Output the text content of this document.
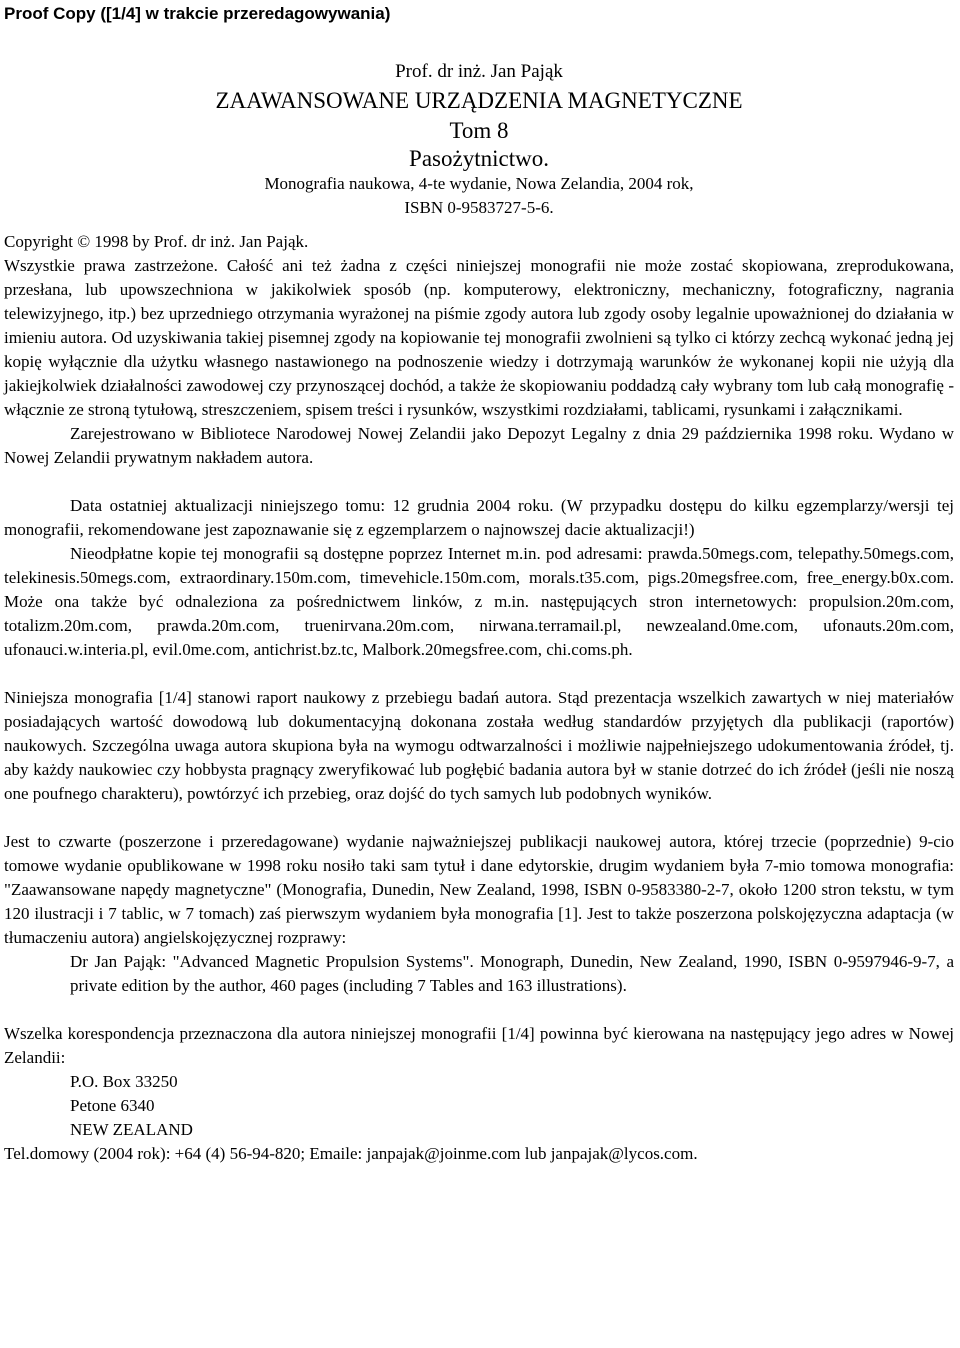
Proof Copy ([1/4] w trakcie przeredagowywania)
Prof. dr inż. Jan Pająk
ZAAWANSOWANE URZĄDZENIA MAGNETYCZNE
Tom 8
Pasożytnictwo.
Monografia naukowa, 4-te wydanie, Nowa Zelandia, 2004 rok,
ISBN 0-9583727-5-6.
Copyright © 1998 by Prof. dr inż. Jan Pająk.

Wszystkie prawa zastrzeżone. Całość ani też żadna z części niniejszej monografii nie może zostać skopiowana, zreprodukowana, przesłana, lub upowszechniona w jakikolwiek sposób (np. komputerowy, elektroniczny, mechaniczny, fotograficzny, nagrania telewizyjnego, itp.) bez uprzedniego otrzymania wyrażonej na piśmie zgody autora lub zgody osoby legalnie upoważnionej do działania w imieniu autora. Od uzyskiwania takiej pisemnej zgody na kopiowanie tej monografii zwolnieni są tylko ci którzy zechcą wykonać jedną jej kopię wyłącznie dla użytku własnego nastawionego na podnoszenie wiedzy i dotrzymają warunków że wykonanej kopii nie użyją dla jakiejkolwiek działalności zawodowej czy przynoszącej dochód, a także że skopiowaniu poddadzą cały wybrany tom lub całą monografię - włącznie ze stroną tytułową, streszczeniem, spisem treści i rysunków, wszystkimi rozdziałami, tablicami, rysunkami i załącznikami.

Zarejestrowano w Bibliotece Narodowej Nowej Zelandii jako Depozyt Legalny z dnia 29 października 1998 roku. Wydano w Nowej Zelandii prywatnym nakładem autora.

Data ostatniej aktualizacji niniejszego tomu: 12 grudnia 2004 roku. (W przypadku dostępu do kilku egzemplarzy/wersji tej monografii, rekomendowane jest zapoznawanie się z egzemplarzem o najnowszej dacie aktualizacji!)

Nieodpłatne kopie tej monografii są dostępne poprzez Internet m.in. pod adresami: prawda.50megs.com, telepathy.50megs.com, telekinesis.50megs.com, extraordinary.150m.com, timevehicle.150m.com, morals.t35.com, pigs.20megsfree.com, free_energy.b0x.com. Może ona także być odnaleziona za pośrednictwem linków, z m.in. następujących stron internetowych: propulsion.20m.com, totalizm.20m.com, prawda.20m.com, truenirvana.20m.com, nirwana.terramail.pl, newzealand.0me.com, ufonauts.20m.com, ufonauci.w.interia.pl, evil.0me.com, antichrist.bz.tc, Malbork.20megsfree.com, chi.coms.ph.

Niniejsza monografia [1/4] stanowi raport naukowy z przebiegu badań autora. Stąd prezentacja wszelkich zawartych w niej materiałów posiadających wartość dowodową lub dokumentacyjną dokonana została według standardów przyjętych dla publikacji (raportów) naukowych. Szczególna uwaga autora skupiona była na wymogu odtwarzalności i możliwie najpełniejszego udokumentowania źródeł, tj. aby każdy naukowiec czy hobbysta pragnący zweryfikować lub pogłębić badania autora był w stanie dotrzeć do ich źródeł (jeśli nie noszą one poufnego charakteru), powtórzyć ich przebieg, oraz dojść do tych samych lub podobnych wyników.

Jest to czwarte (poszerzone i przeredagowane) wydanie najważniejszej publikacji naukowej autora, której trzecie (poprzednie) 9-cio tomowe wydanie opublikowane w 1998 roku nosiło taki sam tytuł i dane edytorskie, drugim wydaniem była 7-mio tomowa monografia: "Zaawansowane napędy magnetyczne" (Monografia, Dunedin, New Zealand, 1998, ISBN 0-9583380-2-7, około 1200 stron tekstu, w tym 120 ilustracji i 7 tablic, w 7 tomach) zaś pierwszym wydaniem była monografia [1]. Jest to także poszerzona polskojęzyczna adaptacja (w tłumaczeniu autora) angielskojęzycznej rozprawy:

Dr Jan Pająk: "Advanced Magnetic Propulsion Systems". Monograph, Dunedin, New Zealand, 1990, ISBN 0-9597946-9-7, a private edition by the author, 460 pages (including 7 Tables and 163 illustrations).

Wszelka korespondencja przeznaczona dla autora niniejszej monografii [1/4] powinna być kierowana na następujący jego adres w Nowej Zelandii:

P.O. Box 33250
Petone 6340
NEW ZEALAND
Tel.domowy (2004 rok): +64 (4) 56-94-820; Emaile: janpajak@joinme.com lub janpajak@lycos.com.
